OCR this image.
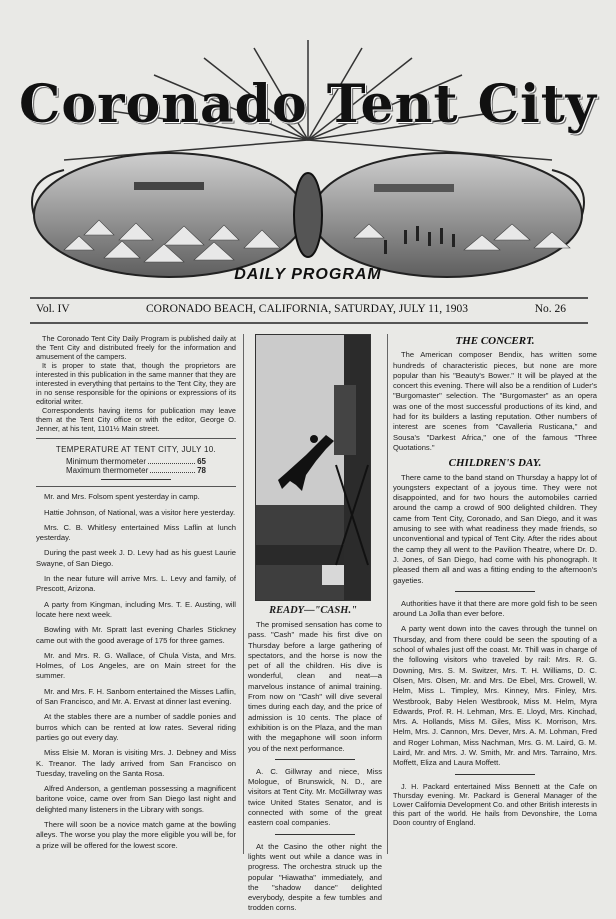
Coronado Tent City
DAILY PROGRAM
Vol. IV	CORONADO BEACH, CALIFORNIA, SATURDAY, JULY 11, 1903	No. 26

The Coronado Tent City Daily Program is published daily at the Tent City and distributed freely for the information and amusement of the campers.

It is proper to state that, though the proprietors are interested in this publication in the same manner that they are interested in everything that pertains to the Tent City, they are in no sense responsible for the opinions or expressions of its editorial writer.

Correspondents having items for publication may leave them at the Tent City office or with the editor, George O. Jenner, at his tent, 1101½ Main street.

TEMPERATURE AT TENT CITY, JULY 10.
Minimum thermometer	65
Maximum thermometer	78

Mr. and Mrs. Folsom spent yesterday in camp.

Hattie Johnson, of National, was a visitor here yesterday.

Mrs. C. B. Whitlesy entertained Miss Laflin at lunch yesterday.

During the past week J. D. Levy had as his guest Laurie Swayne, of San Diego.

In the near future will arrive Mrs. L. Levy and family, of Prescott, Arizona.

A party from Kingman, including Mrs. T. E. Austing, will locate here next week.

Bowling with Mr. Spratt last evening Charles Stickney came out with the good average of 175 for three games.

Mr. and Mrs. R. G. Wallace, of Chula Vista, and Mrs. Holmes, of Los Angeles, are on Main street for the summer.

Mr. and Mrs. F. H. Sanborn entertained the Misses Laflin, of San Francisco, and Mr. A. Ervast at dinner last evening.

At the stables there are a number of saddle ponies and burros which can be rented at low rates. Several riding parties go out every day.

Miss Elsie M. Moran is visiting Mrs. J. Debney and Miss K. Treanor. The lady arrived from San Francisco on Tuesday, traveling on the Santa Rosa.

Alfred Anderson, a gentleman possessing a magnificent baritone voice, came over from San Diego last night and delighted many listeners in the Library with songs.

There will soon be a novice match game at the bowling alleys. The worse you play the more eligible you will be, for a prize will be offered for the lowest score.

READY—"CASH."

The promised sensation has come to pass. "Cash" made his first dive on Thursday before a large gathering of spectators, and the horse is now the pet of all the children. His dive is wonderful, clean and neat—a marvelous instance of animal training. From now on "Cash" will dive several times during each day, and the price of admission is 10 cents. The place of exhibition is on the Plaza, and the man with the megaphone will soon inform you of the next performance.

A. C. Gillwray and niece, Miss Mologue, of Brunswick, N. D., are visitors at Tent City. Mr. McGillwray was twice United States Senator, and is connected with some of the great eastern coal companies.

At the Casino the other night the lights went out while a dance was in progress. The orchestra struck up the popular "Hiawatha" immediately, and the "shadow dance" delighted everybody, despite a few tumbles and trodden corns.

THE CONCERT.

The American composer Bendix, has written some hundreds of characteristic pieces, but none are more popular than his "Beauty's Bower." It will be played at the concert this evening. There will also be a rendition of Luder's "Burgomaster" selection. The "Burgomaster" as an opera was one of the most successful productions of its kind, and had for its builders a lasting reputation. Other numbers of interest are scenes from "Cavalleria Rusticana," and Sousa's "Darkest Africa," one of the famous "Three Quotations."

CHILDREN'S DAY.

There came to the band stand on Thursday a happy lot of youngsters expectant of a joyous time. They were not disappointed, and for two hours the automobiles carried around the camp a crowd of 900 delighted children. They came from Tent City, Coronado, and San Diego, and it was amusing to see with what readiness they made friends, so unconventional and typical of Tent City. After the rides about the camp they all went to the Pavilion Theatre, where Dr. D. J. Jones, of San Diego, had come with his phonograph. It pleased them all and was a fitting ending to the afternoon's gayeties.

Authorities have it that there are more gold fish to be seen around La Jolla than ever before.

A party went down into the caves through the tunnel on Thursday, and from there could be seen the spouting of a school of whales just off the coast. Mr. Thill was in charge of the following visitors who traveled by rail: Mrs. R. G. Downing, Mrs. S. M. Switzer, Mrs. T. H. Williams, D. C. Olsen, Mrs. Olsen, Mr. and Mrs. De Ebel, Mrs. Crowell, W. Helm, Miss L. Timpley, Mrs. Kinney, Mrs. Finley, Mrs. Westbrook, Baby Helen Westbrook, Miss M. Helm, Myra Edwards, Prof. R. H. Lehman, Mrs. E. Lloyd, Mrs. Kinchad, Mrs. A. Hollands, Miss M. Giles, Miss K. Morrison, Mrs. Helm, Mrs. J. Cannon, Mrs. Dever, Mrs. A. M. Lohman, Fred and Roger Lohman, Miss Nachman, Mrs. G. M. Laird, G. M. Laird, Mr. and Mrs. J. W. Smith, Mr. and Mrs. Tarraino, Mrs. Moffett, Eliza and Laura Moffett.

J. H. Packard entertained Miss Bennett at the Cafe on Thursday evening. Mr. Packard is General Manager of the Lower California Development Co. and other British interests in this part of the world. He hails from Devonshire, the Lorna Doon country of England.
